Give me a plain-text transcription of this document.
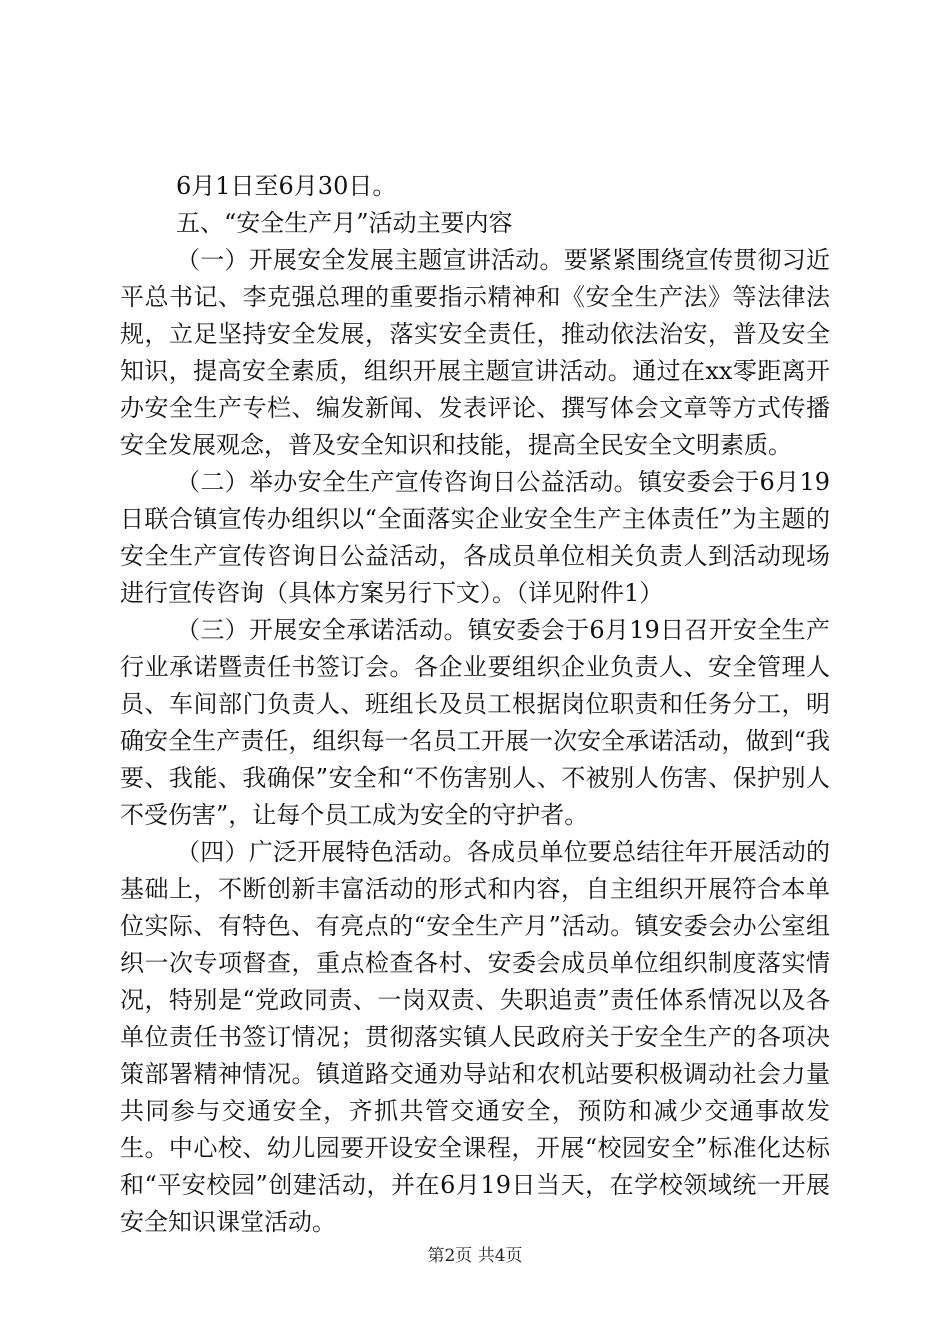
6月1日至6月30日。

五、“安全生产月”活动主要内容

（一）开展安全发展主题宣讲活动。要紧紧围绕宣传贯彻习近平总书记、李克强总理的重要指示精神和《安全生产法》等法律法规，立足坚持安全发展，落实安全责任，推动依法治安，普及安全知识，提高安全素质，组织开展主题宣讲活动。通过在xx零距离开办安全生产专栏、编发新闻、发表评论、撰写体会文章等方式传播安全发展观念，普及安全知识和技能，提高全民安全文明素质。

（二）举办安全生产宣传咨询日公益活动。镇安委会于6月19日联合镇宣传办组织以“全面落实企业安全生产主体责任”为主题的安全生产宣传咨询日公益活动，各成员单位相关负责人到活动现场进行宣传咨询（具体方案另行下文）。（详见附件1）

（三）开展安全承诺活动。镇安委会于6月19日召开安全生产行业承诺暨责任书签订会。各企业要组织企业负责人、安全管理人员、车间部门负责人、班组长及员工根据岗位职责和任务分工，明确安全生产责任，组织每一名员工开展一次安全承诺活动，做到“我要、我能、我确保”安全和“不伤害别人、不被别人伤害、保护别人不受伤害”，让每个员工成为安全的守护者。

（四）广泛开展特色活动。各成员单位要总结往年开展活动的基础上，不断创新丰富活动的形式和内容，自主组织开展符合本单位实际、有特色、有亮点的“安全生产月”活动。镇安委会办公室组织一次专项督查，重点检查各村、安委会成员单位组织制度落实情况，特别是“党政同责、一岗双责、失职追责”责任体系情况以及各单位责任书签订情况；贯彻落实镇人民政府关于安全生产的各项决策部署精神情况。镇道路交通劝导站和农机站要积极调动社会力量共同参与交通安全，齐抓共管交通安全，预防和减少交通事故发生。中心校、幼儿园要开设安全课程，开展“校园安全”标准化达标和“平安校园”创建活动，并在6月19日当天，在学校领域统一开展安全知识课堂活动。

第2页 共4页
